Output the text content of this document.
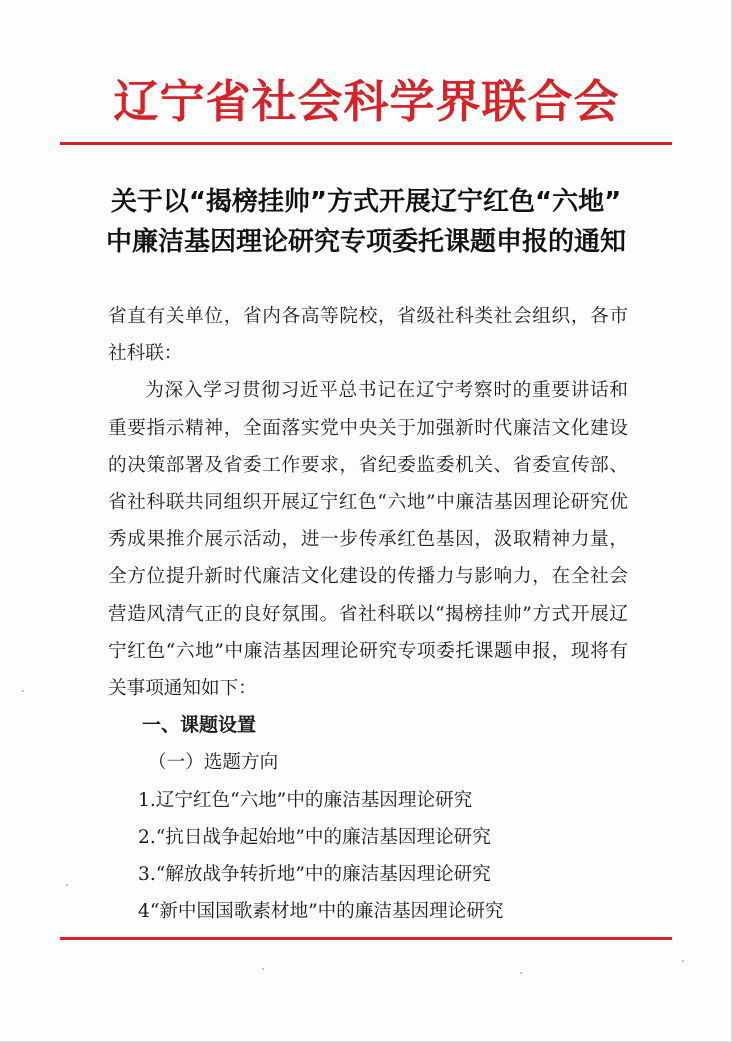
辽宁省社会科学界联合会
关于以“揭榜挂帅”方式开展辽宁红色“六地”
中廉洁基因理论研究专项委托课题申报的通知

省直有关单位，省内各高等院校，省级社科类社会组织，各市社科联：

为深入学习贯彻习近平总书记在辽宁考察时的重要讲话和重要指示精神，全面落实党中央关于加强新时代廉洁文化建设的决策部署及省委工作要求，省纪委监委机关、省委宣传部、省社科联共同组织开展辽宁红色“六地”中廉洁基因理论研究优秀成果推介展示活动，进一步传承红色基因，汲取精神力量，全方位提升新时代廉洁文化建设的传播力与影响力，在全社会营造风清气正的良好氛围。省社科联以“揭榜挂帅”方式开展辽宁红色“六地”中廉洁基因理论研究专项委托课题申报，现将有关事项通知如下：

一、课题设置

（一）选题方向

1.辽宁红色“六地”中的廉洁基因理论研究

2.“抗日战争起始地”中的廉洁基因理论研究

3.“解放战争转折地”中的廉洁基因理论研究

4“新中国国歌素材地”中的廉洁基因理论研究
